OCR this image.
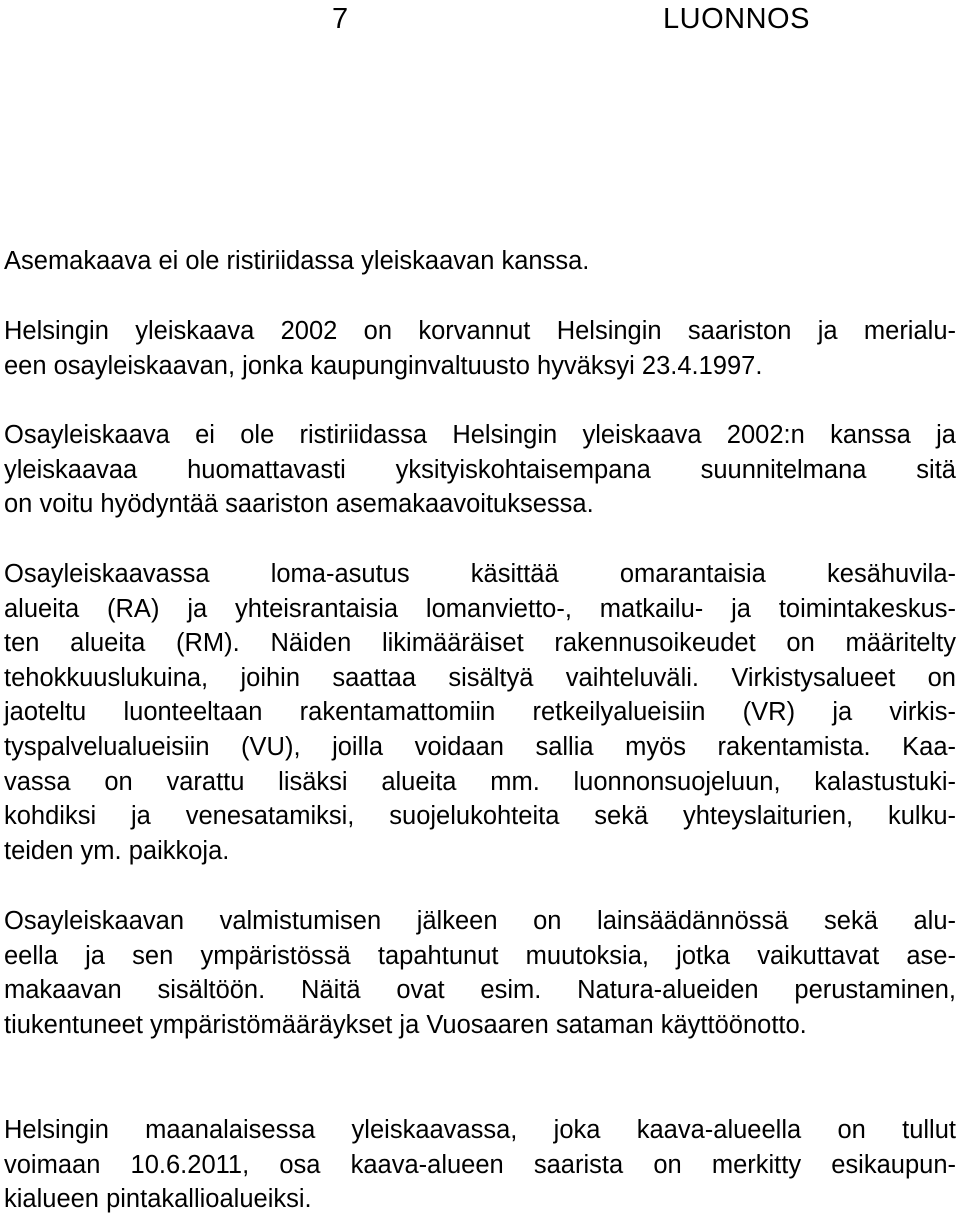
7	LUONNOS
Asemakaava ei ole ristiriidassa yleiskaavan kanssa.
Helsingin yleiskaava 2002 on korvannut Helsingin saariston ja merialu-
een osayleiskaavan, jonka kaupunginvaltuusto hyväksyi 23.4.1997.
Osayleiskaava ei ole ristiriidassa Helsingin yleiskaava 2002:n kanssa ja
yleiskaavaa huomattavasti yksityiskohtaisempana suunnitelmana sitä
on voitu hyödyntää saariston asemakaavoituksessa.
Osayleiskaavassa loma-asutus käsittää omarantaisia kesähuvila-
alueita (RA) ja yhteisrantaisia lomanvietto-, matkailu- ja toimintakeskus-
ten alueita (RM). Näiden likimääräiset rakennusoikeudet on määritelty
tehokkuuslukuina, joihin saattaa sisältyä vaihteluväli. Virkistysalueet on
jaoteltu luonteeltaan rakentamattomiin retkeilyalueisiin (VR) ja virkis-
tyspalvelualueisiin (VU), joilla voidaan sallia myös rakentamista. Kaa-
vassa on varattu lisäksi alueita mm. luonnonsuojeluun, kalastustuki-
kohdiksi ja venesatamiksi, suojelukohteita sekä yhteyslaiturien, kulku-
teiden ym. paikkoja.
Osayleiskaavan valmistumisen jälkeen on lainsäädännössä sekä alu-
eella ja sen ympäristössä tapahtunut muutoksia, jotka vaikuttavat ase-
makaavan sisältöön. Näitä ovat esim. Natura-alueiden perustaminen,
tiukentuneet ympäristömääräykset ja Vuosaaren sataman käyttöönotto.
Helsingin maanalaisessa yleiskaavassa, joka kaava-alueella on tullut
voimaan 10.6.2011, osa kaava-alueen saarista on merkitty esikaupun-
kialueen pintakallioalueiksi.
